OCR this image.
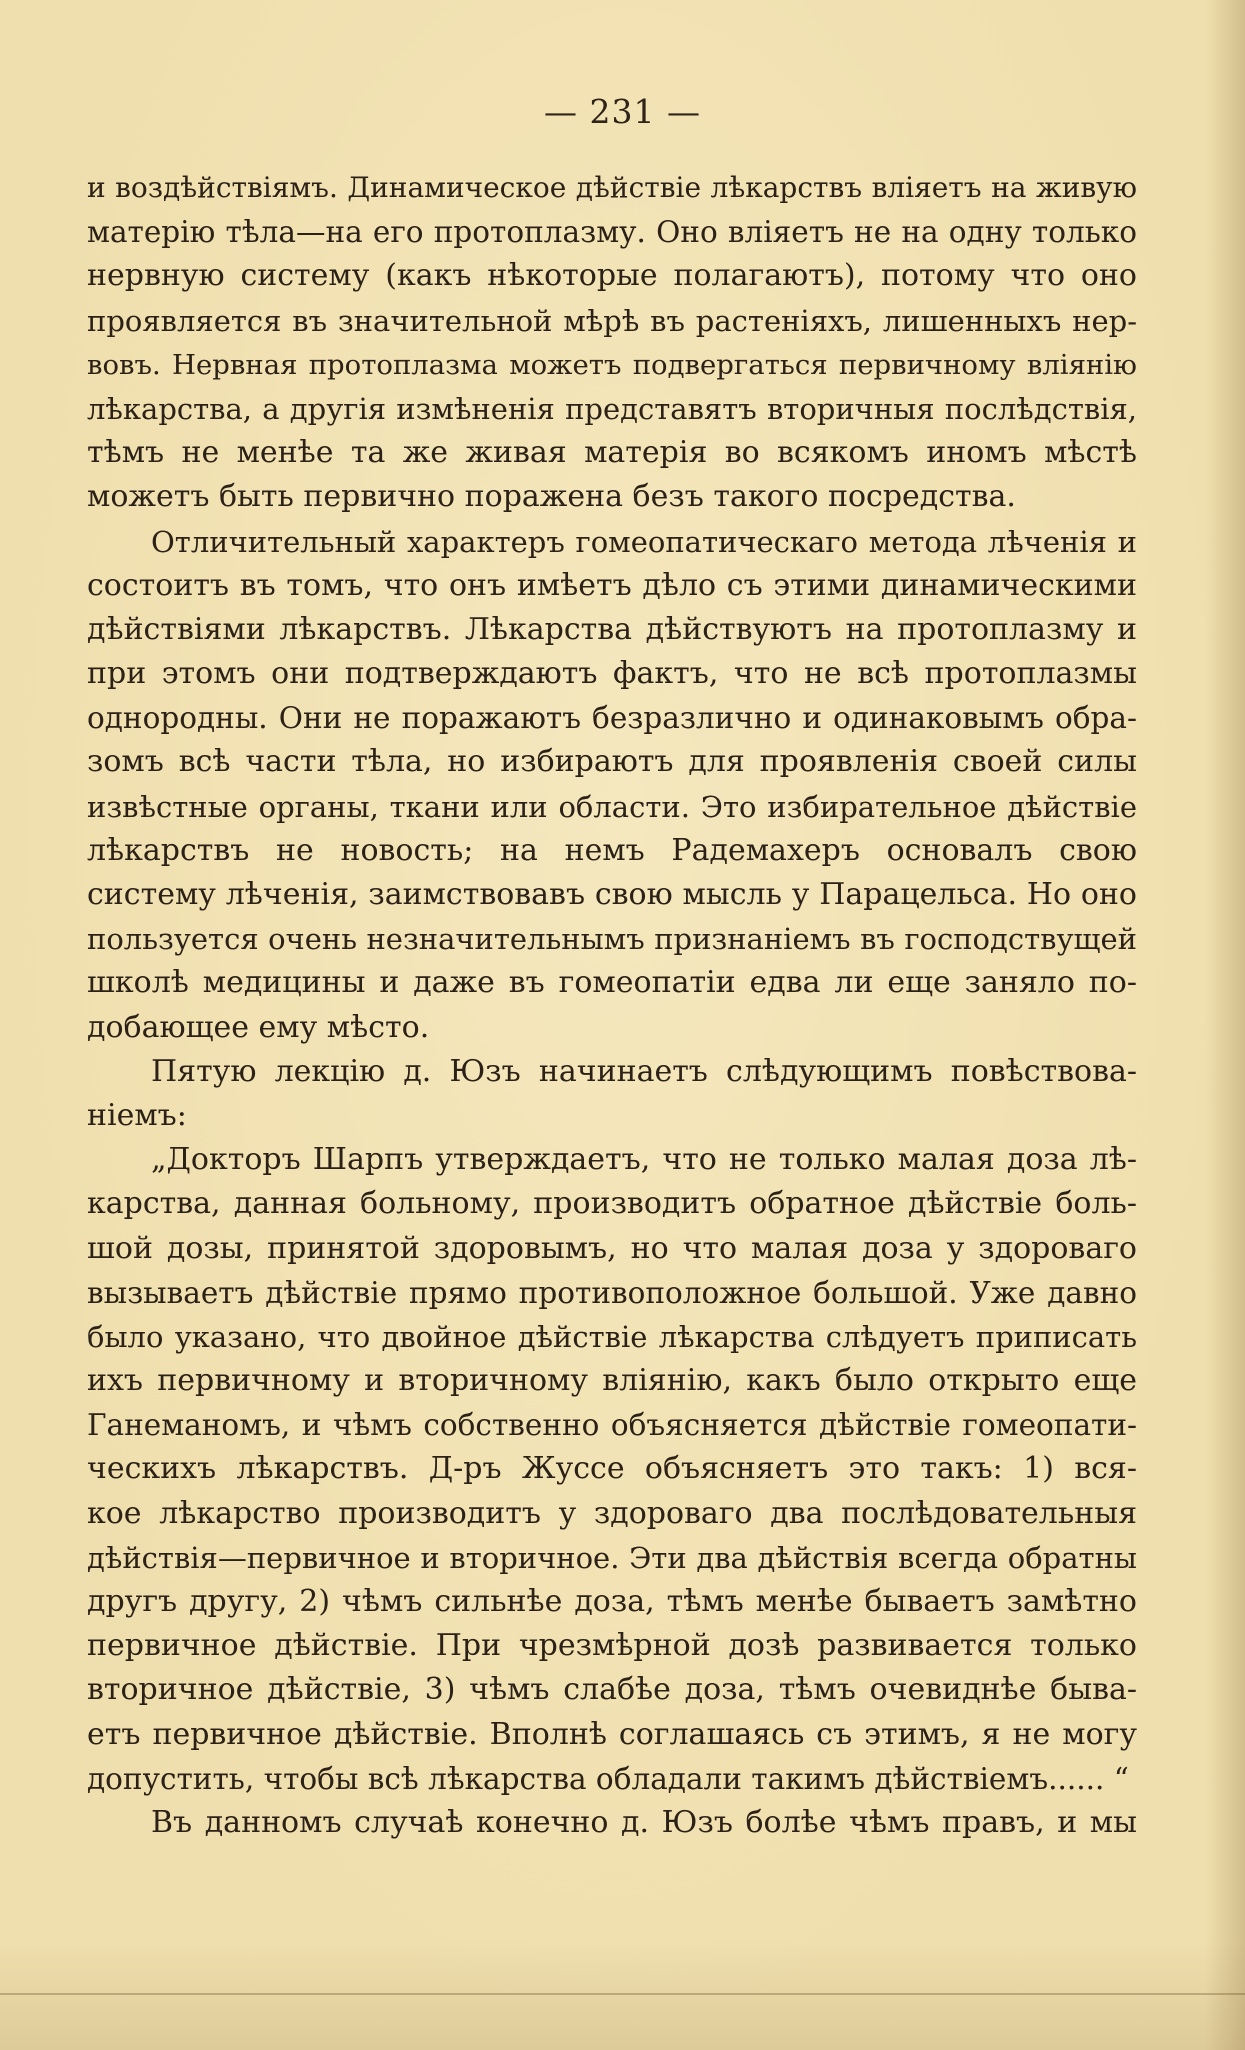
— 231 —
и воздѣйствіямъ. Динамическое дѣйствіе лѣкарствъ вліяетъ на живую
матерію тѣла—на его протоплазму. Оно вліяетъ не на одну только
нервную систему (какъ нѣкоторые полагаютъ), потому что оно
проявляется въ значительной мѣрѣ въ растеніяхъ, лишенныхъ нер-
вовъ. Нервная протоплазма можетъ подвергаться первичному вліянію
лѣкарства, а другія измѣненія представятъ вторичныя послѣдствія,
тѣмъ не менѣе та же живая матерія во всякомъ иномъ мѣстѣ
можетъ быть первично поражена безъ такого посредства.
Отличительный характеръ гомеопатическаго метода лѣченія и
состоитъ въ томъ, что онъ имѣетъ дѣло съ этими динамическими
дѣйствіями лѣкарствъ. Лѣкарства дѣйствуютъ на протоплазму и
при этомъ они подтверждаютъ фактъ, что не всѣ протоплазмы
однородны. Они не поражаютъ безразлично и одинаковымъ обра-
зомъ всѣ части тѣла, но избираютъ для проявленія своей силы
извѣстные органы, ткани или области. Это избирательное дѣйствіе
лѣкарствъ не новость; на немъ Радемахеръ основалъ свою
систему лѣченія, заимствовавъ свою мысль у Парацельса. Но оно
пользуется очень незначительнымъ признаніемъ въ господствущей
школѣ медицины и даже въ гомеопатіи едва ли еще заняло по-
добающее ему мѣсто.
Пятую лекцію д. Юзъ начинаетъ слѣдующимъ повѣствова-
ніемъ:
„Докторъ Шарпъ утверждаетъ, что не только малая доза лѣ-
карства, данная больному, производитъ обратное дѣйствіе боль-
шой дозы, принятой здоровымъ, но что малая доза у здороваго
вызываетъ дѣйствіе прямо противоположное большой. Уже давно
было указано, что двойное дѣйствіе лѣкарства слѣдуетъ приписать
ихъ первичному и вторичному вліянію, какъ было открыто еще
Ганеманомъ, и чѣмъ собственно объясняется дѣйствіе гомеопати-
ческихъ лѣкарствъ. Д-ръ Жуссе объясняетъ это такъ: 1) вся-
кое лѣкарство производитъ у здороваго два послѣдовательныя
дѣйствія—первичное и вторичное. Эти два дѣйствія всегда обратны
другъ другу, 2) чѣмъ сильнѣе доза, тѣмъ менѣе бываетъ замѣтно
первичное дѣйствіе. При чрезмѣрной дозѣ развивается только
вторичное дѣйствіе, 3) чѣмъ слабѣе доза, тѣмъ очевиднѣе быва-
етъ первичное дѣйствіе. Вполнѣ соглашаясь съ этимъ, я не могу
допустить, чтобы всѣ лѣкарства обладали такимъ дѣйствіемъ...... “
Въ данномъ случаѣ конечно д. Юзъ болѣе чѣмъ правъ, и мы
